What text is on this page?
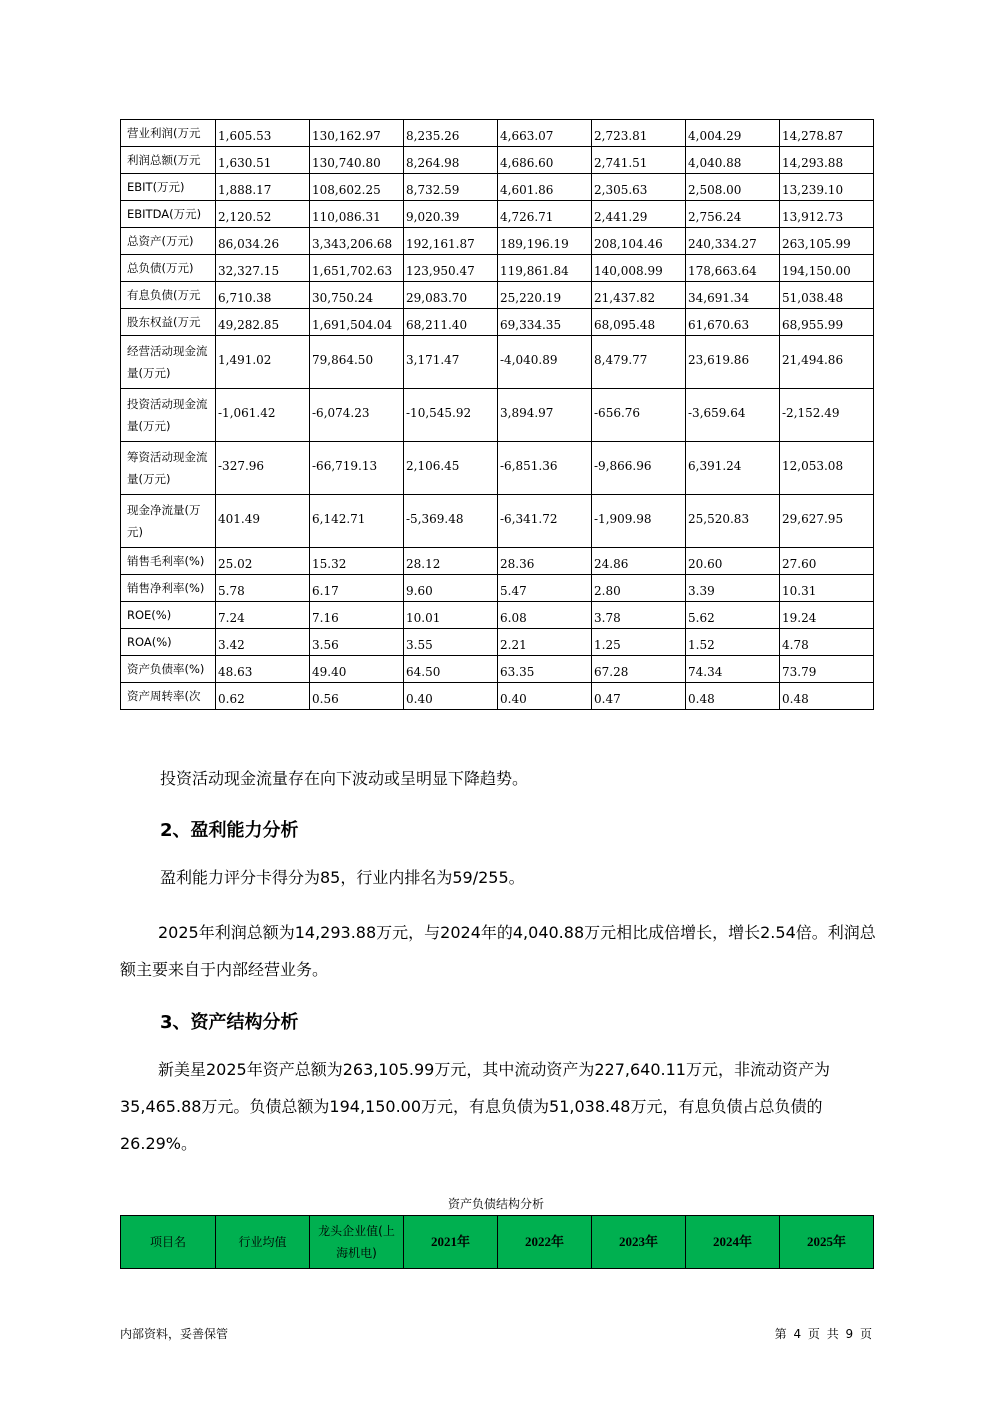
营业利润(万元	1,605.53	130,162.97	8,235.26	4,663.07	2,723.81	4,004.29	14,278.87
利润总额(万元	1,630.51	130,740.80	8,264.98	4,686.60	2,741.51	4,040.88	14,293.88
EBIT(万元)	1,888.17	108,602.25	8,732.59	4,601.86	2,305.63	2,508.00	13,239.10
EBITDA(万元)	2,120.52	110,086.31	9,020.39	4,726.71	2,441.29	2,756.24	13,912.73
总资产(万元)	86,034.26	3,343,206.68	192,161.87	189,196.19	208,104.46	240,334.27	263,105.99
总负债(万元)	32,327.15	1,651,702.63	123,950.47	119,861.84	140,008.99	178,663.64	194,150.00
有息负债(万元	6,710.38	30,750.24	29,083.70	25,220.19	21,437.82	34,691.34	51,038.48
股东权益(万元	49,282.85	1,691,504.04	68,211.40	69,334.35	68,095.48	61,670.63	68,955.99
经营活动现金流量(万元)	1,491.02	79,864.50	3,171.47	-4,040.89	8,479.77	23,619.86	21,494.86
投资活动现金流量(万元)	-1,061.42	-6,074.23	-10,545.92	3,894.97	-656.76	-3,659.64	-2,152.49
筹资活动现金流量(万元)	-327.96	-66,719.13	2,106.45	-6,851.36	-9,866.96	6,391.24	12,053.08
现金净流量(万元)	401.49	6,142.71	-5,369.48	-6,341.72	-1,909.98	25,520.83	29,627.95
销售毛利率(%)	25.02	15.32	28.12	28.36	24.86	20.60	27.60
销售净利率(%)	5.78	6.17	9.60	5.47	2.80	3.39	10.31
ROE(%)	7.24	7.16	10.01	6.08	3.78	5.62	19.24
ROA(%)	3.42	3.56	3.55	2.21	1.25	1.52	4.78
资产负债率(%)	48.63	49.40	64.50	63.35	67.28	74.34	73.79
资产周转率(次	0.62	0.56	0.40	0.40	0.47	0.48	0.48
投资活动现金流量存在向下波动或呈明显下降趋势。
2、盈利能力分析
盈利能力评分卡得分为85，行业内排名为59/255。
2025年利润总额为14,293.88万元，与2024年的4,040.88万元相比成倍增长，增长2.54倍。利润总额主要来自于内部经营业务。
3、资产结构分析
新美星2025年资产总额为263,105.99万元，其中流动资产为227,640.11万元，非流动资产为35,465.88万元。负债总额为194,150.00万元，有息负债为51,038.48万元，有息负债占总负债的26.29%。
资产负债结构分析
项目名	行业均值	龙头企业值(上海机电)	2021年	2022年	2023年	2024年	2025年
内部资料，妥善保管	第 4 页 共 9 页
